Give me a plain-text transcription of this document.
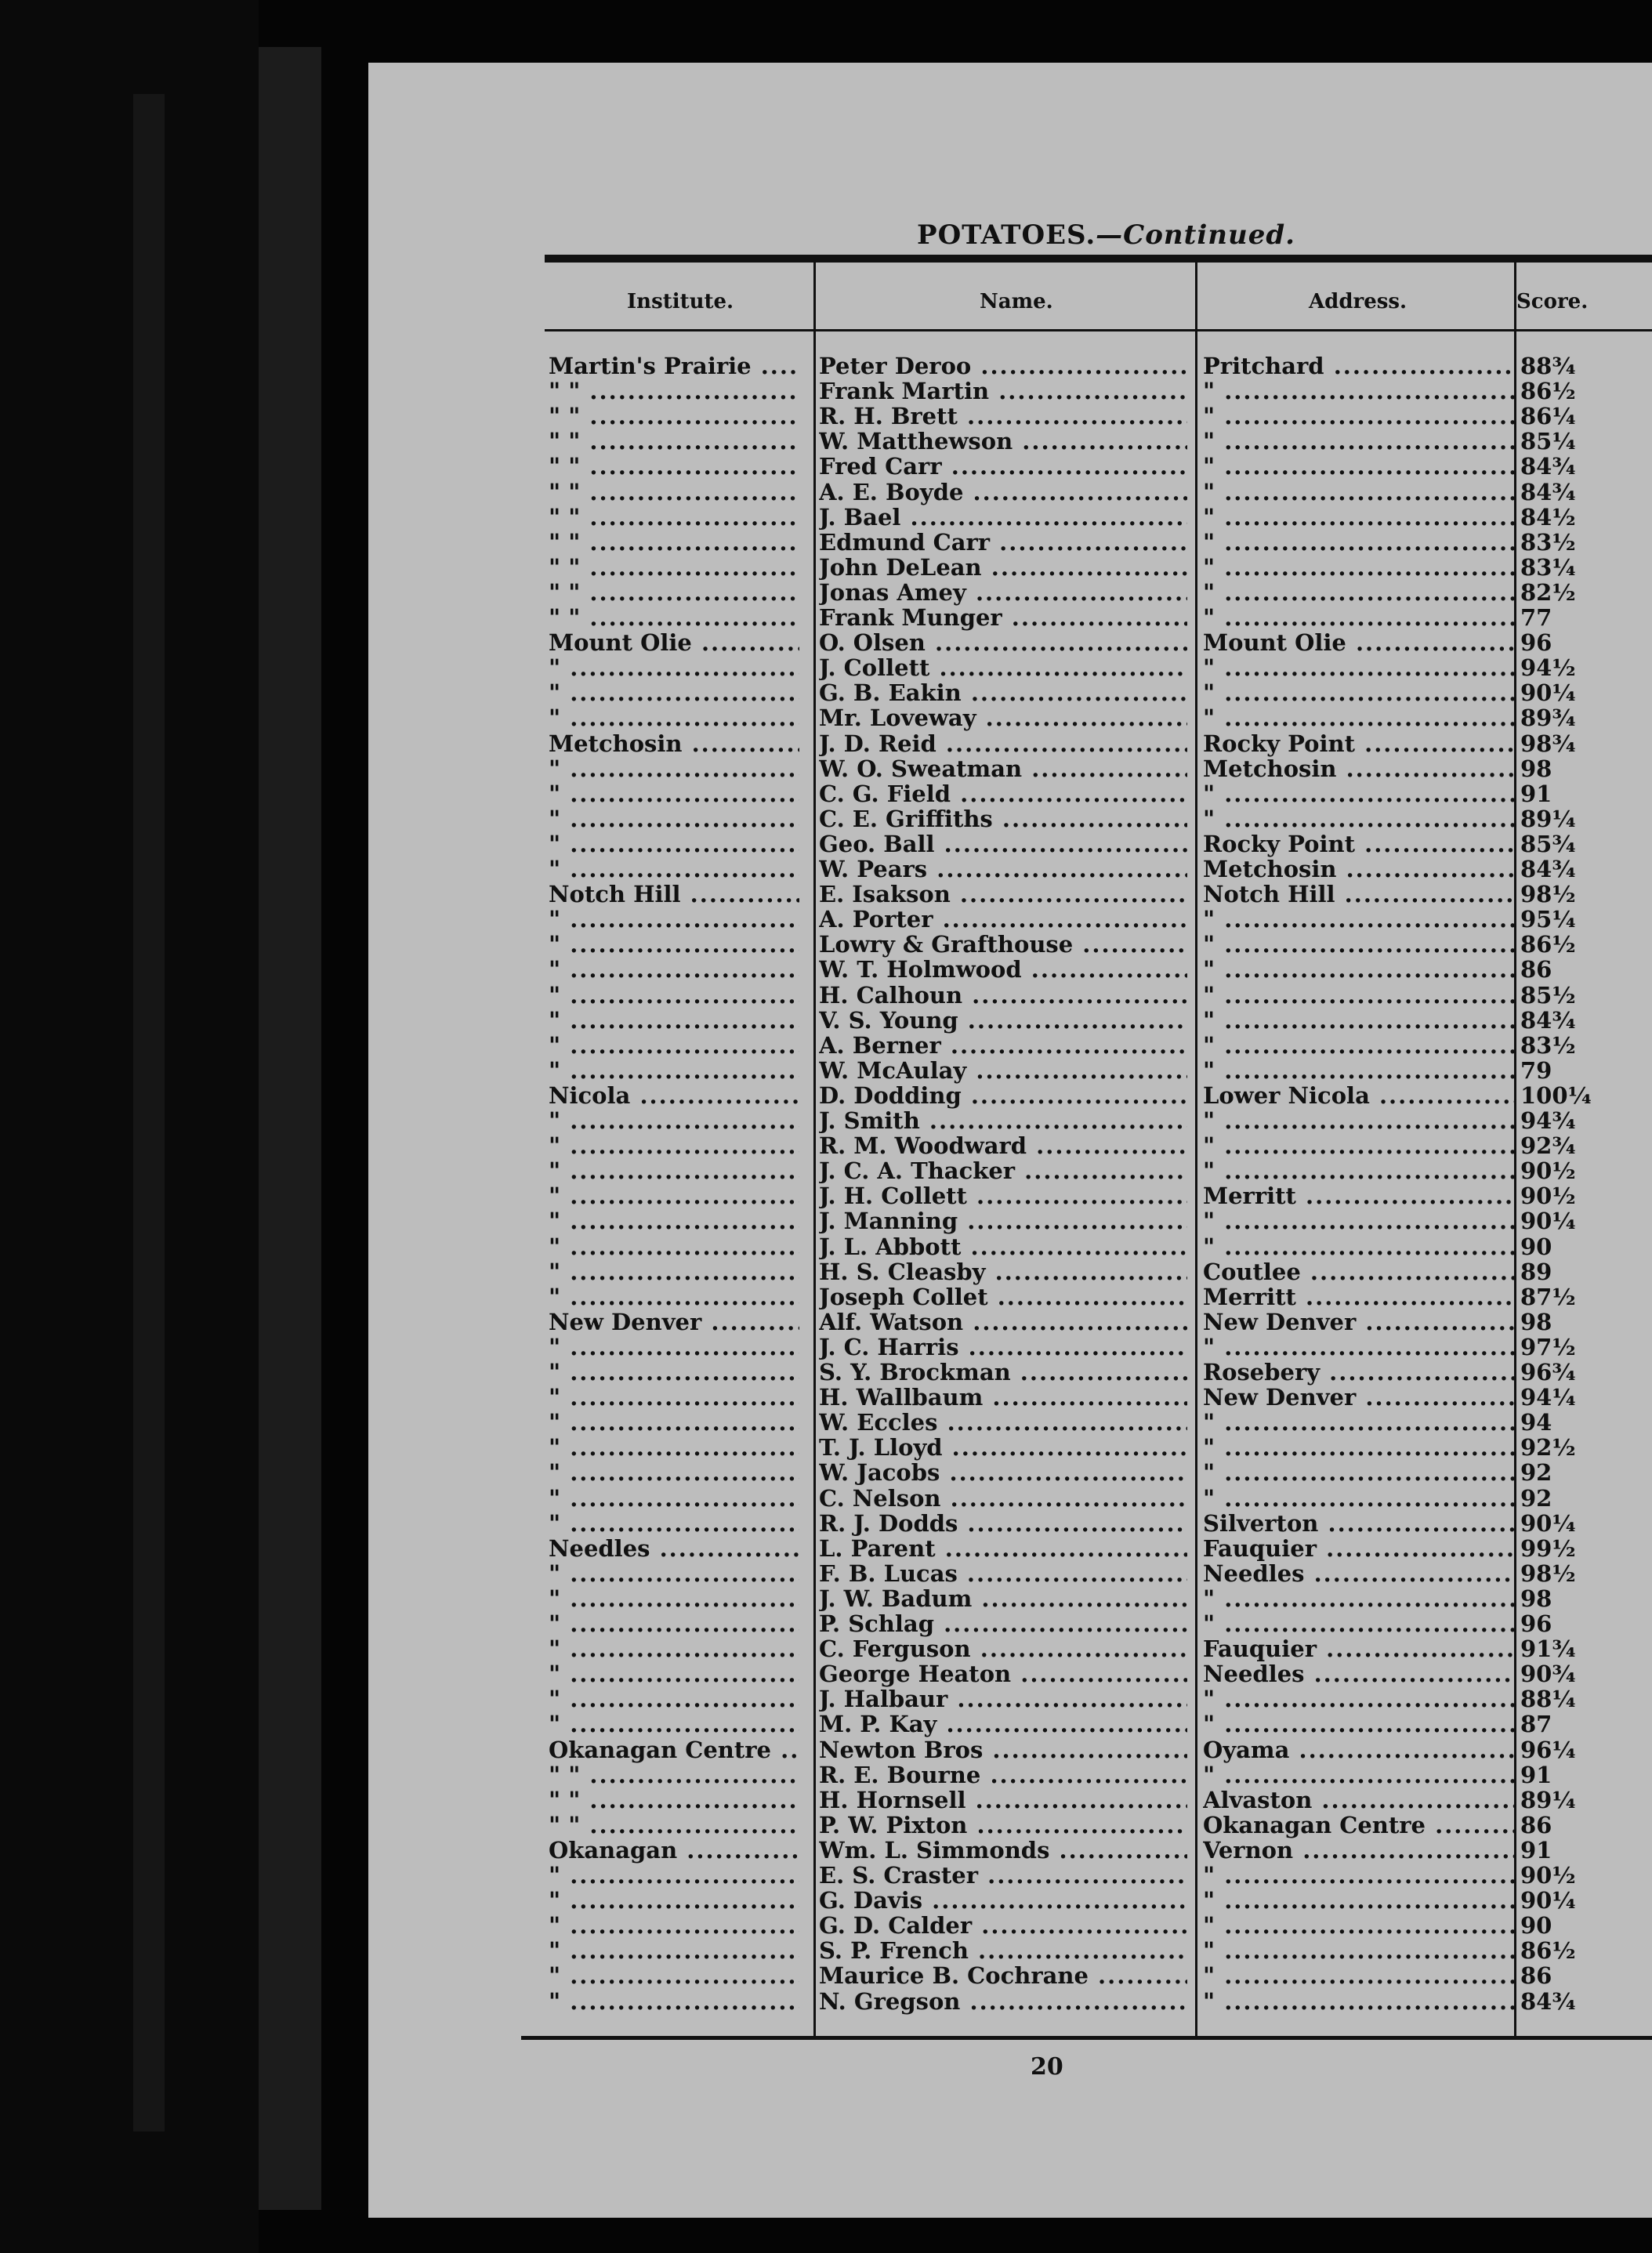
POTATOES.—Continued.
Institute.	Name.	Address.	Score.
Martin's Prairie .....	Peter Deroo .....	Pritchard .....	88¾
" " .....	Frank Martin .....	" .....	86½
" " .....	R. H. Brett .....	" .....	86¼
" " .....	W. Matthewson .....	" .....	85¼
" " .....	Fred Carr .....	" .....	84¾
" " .....	A. E. Boyde .....	" .....	84¾
" " .....	J. Bael .....	" .....	84½
" " .....	Edmund Carr .....	" .....	83½
" " .....	John DeLean .....	" .....	83¼
" " .....	Jonas Amey .....	" .....	82½
" " .....	Frank Munger .....	" .....	77
Mount Olie .....	O. Olsen .....	Mount Olie .....	96
" .....	J. Collett .....	" .....	94½
" .....	G. B. Eakin .....	" .....	90¼
" .....	Mr. Loveway .....	" .....	89¾
Metchosin .....	J. D. Reid .....	Rocky Point .....	98¾
" .....	W. O. Sweatman .....	Metchosin .....	98
" .....	C. G. Field .....	" .....	91
" .....	C. E. Griffiths .....	" .....	89¼
" .....	Geo. Ball .....	Rocky Point .....	85¾
" .....	W. Pears .....	Metchosin .....	84¾
Notch Hill .....	E. Isakson .....	Notch Hill .....	98½
" .....	A. Porter .....	" .....	95¼
" .....	Lowry & Grafthouse .....	" .....	86½
" .....	W. T. Holmwood .....	" .....	86
" .....	H. Calhoun .....	" .....	85½
" .....	V. S. Young .....	" .....	84¾
" .....	A. Berner .....	" .....	83½
" .....	W. McAulay .....	" .....	79
Nicola .....	D. Dodding .....	Lower Nicola .....	100¼
" .....	J. Smith .....	" .....	94¾
" .....	R. M. Woodward .....	" .....	92¾
" .....	J. C. A. Thacker .....	" .....	90½
" .....	J. H. Collett .....	Merritt .....	90½
" .....	J. Manning .....	" .....	90¼
" .....	J. L. Abbott .....	" .....	90
" .....	H. S. Cleasby .....	Coutlee .....	89
" .....	Joseph Collet .....	Merritt .....	87½
New Denver .....	Alf. Watson .....	New Denver .....	98
" .....	J. C. Harris .....	" .....	97½
" .....	S. Y. Brockman .....	Rosebery .....	96¾
" .....	H. Wallbaum .....	New Denver .....	94¼
" .....	W. Eccles .....	" .....	94
" .....	T. J. Lloyd .....	" .....	92½
" .....	W. Jacobs .....	" .....	92
" .....	C. Nelson .....	" .....	92
" .....	R. J. Dodds .....	Silverton .....	90¼
Needles .....	L. Parent .....	Fauquier .....	99½
" .....	F. B. Lucas .....	Needles .....	98½
" .....	J. W. Badum .....	" .....	98
" .....	P. Schlag .....	" .....	96
" .....	C. Ferguson .....	Fauquier .....	91¾
" .....	George Heaton .....	Needles .....	90¾
" .....	J. Halbaur .....	" .....	88¼
" .....	M. P. Kay .....	" .....	87
Okanagan Centre .....	Newton Bros .....	Oyama .....	96¼
" " .....	R. E. Bourne .....	" .....	91
" " .....	H. Hornsell .....	Alvaston .....	89¼
" " .....	P. W. Pixton .....	Okanagan Centre .....	86
Okanagan .....	Wm. L. Simmonds .....	Vernon .....	91
" .....	E. S. Craster .....	" .....	90½
" .....	G. Davis .....	" .....	90¼
" .....	G. D. Calder .....	" .....	90
" .....	S. P. French .....	" .....	86½
" .....	Maurice B. Cochrane .....	" .....	86
" .....	N. Gregson .....	" .....	84¾
20
